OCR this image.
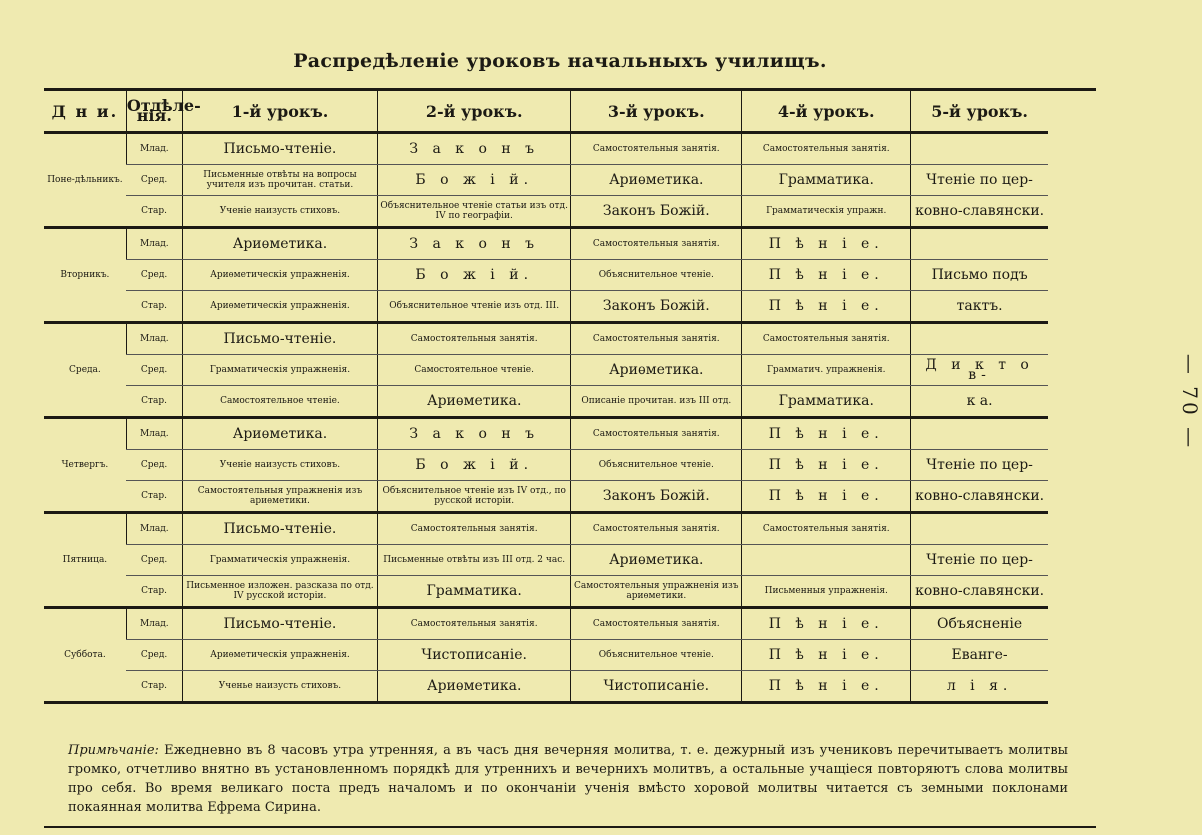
Распредѣленіе уроковъ начальныхъ училищъ.
Д н и.	Отдѣле-нія.	1-й урокъ.	2-й урокъ.	3-й урокъ.	4-й урокъ.	5-й урокъ.
Поне-дѣльникъ.	Млад.	Письмо-чтеніе.	З а к о н ъ	Самостоятельныя занятія.	Самостоятельныя занятія.	
	Сред.	Письменные отвѣты на вопросы учителя изъ прочитан. статьи.	Б о ж і й.	Ариѳметика.	Грамматика.	Чтеніе по цер-
	Стар.	Ученіе наизусть стиховъ.	Объяснительное чтеніе статьи изъ отд. IV по географіи.	Законъ Божій.	Грамматическія упражн.	ковно-славянски.
Вторникъ.	Млад.	Ариѳметика.	З а к о н ъ	Самостоятельныя занятія.	П ѣ н і е.	
	Сред.	Ариѳметическія упражненія.	Б о ж і й.	Объяснительное чтеніе.	П ѣ н і е.	Письмо подъ
	Стар.	Ариѳметическія упражненія.	Объяснительное чтеніе изъ отд. III.	Законъ Божій.	П ѣ н і е.	тактъ.
Среда.	Млад.	Письмо-чтеніе.	Самостоятельныя занятія.	Самостоятельныя занятія.	Самостоятельныя занятія.	
	Сред.	Грамматическія упражненія.	Самостоятельное чтеніе.	Ариѳметика.	Грамматич. упражненія.	Д и к т о в-
	Стар.	Самостоятельное чтеніе.	Ариѳметика.	Описаніе прочитан. изъ III отд.	Грамматика.	к а.
Четвергъ.	Млад.	Ариѳметика.	З а к о н ъ	Самостоятельныя занятія.	П ѣ н і е.	
	Сред.	Ученіе наизусть стиховъ.	Б о ж і й.	Объяснительное чтеніе.	П ѣ н і е.	Чтеніе по цер-
	Стар.	Самостоятельныя упражненія изъ ариѳметики.	Объяснительное чтеніе изъ IV отд., по русской исторіи.	Законъ Божій.	П ѣ н і е.	ковно-славянски.
Пятница.	Млад.	Письмо-чтеніе.	Самостоятельныя занятія.	Самостоятельныя занятія.	Самостоятельныя занятія.	
	Сред.	Грамматическія упражненія.	Письменные отвѣты изъ III отд. 2 час.	Ариѳметика.		Чтеніе по цер-
	Стар.	Письменное изложен. разсказа по отд. IV русской исторіи.	Грамматика.	Самостоятельныя упражненія изъ ариѳметики.	Письменныя упражненія.	ковно-славянски.
Суббота.	Млад.	Письмо-чтеніе.	Самостоятельныя занятія.	Самостоятельныя занятія.	П ѣ н і е.	Объясненіе
	Сред.	Ариѳметическія упражненія.	Чистописаніе.	Объяснительное чтеніе.	П ѣ н і е.	Еванге-
	Стар.	Ученье наизусть стиховъ.	Ариѳметика.	Чистописаніе.	П ѣ н і е.	л і я.
Примѣчаніе: Ежедневно въ 8 часовъ утра утренняя, а въ часъ дня вечерняя молитва, т. е. дежурный изъ учениковъ перечитываетъ молитвы громко, отчетливо внятно въ установленномъ порядкѣ для утреннихъ и вечернихъ молитвъ, а остальные учащіеся повторяютъ слова молитвы про себя. Во время великаго поста предъ началомъ и по окончаніи ученія вмѣсто хоровой молитвы читается съ земными поклонами покаянная молитва Ефрема Сирина.
— 70 —
